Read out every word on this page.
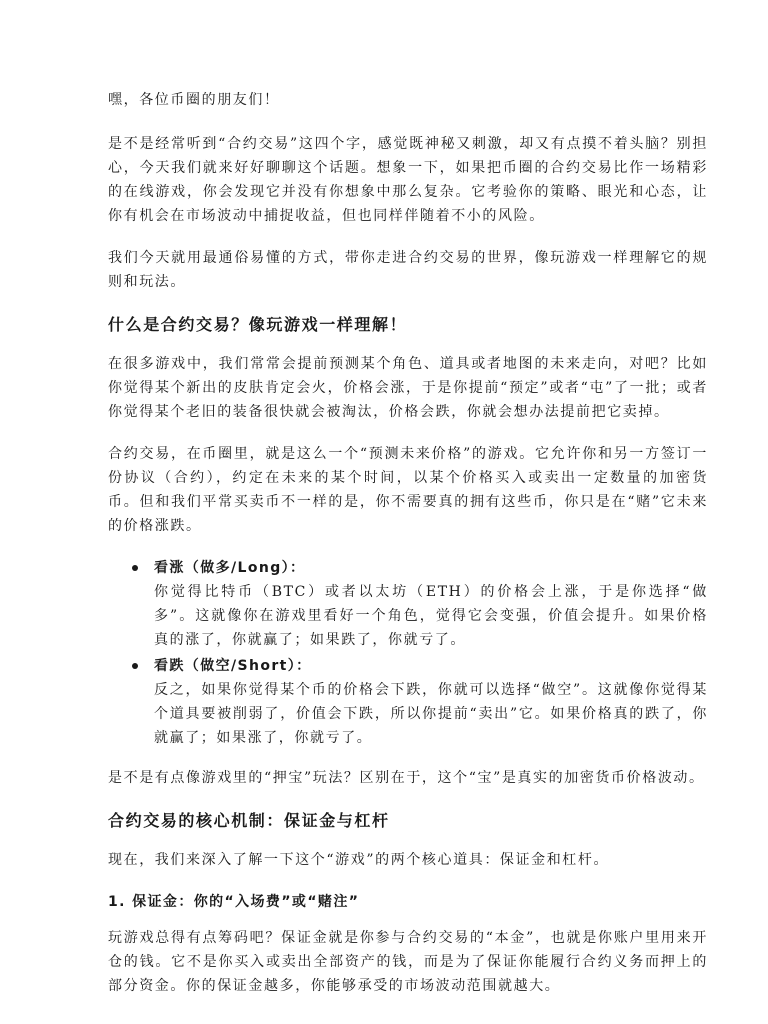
嘿，各位币圈的朋友们！

是不是经常听到“合约交易”这四个字，感觉既神秘又刺激，却又有点摸不着头脑？别担心，今天我们就来好好聊聊这个话题。想象一下，如果把币圈的合约交易比作一场精彩的在线游戏，你会发现它并没有你想象中那么复杂。它考验你的策略、眼光和心态，让你有机会在市场波动中捕捉收益，但也同样伴随着不小的风险。

我们今天就用最通俗易懂的方式，带你走进合约交易的世界，像玩游戏一样理解它的规则和玩法。

什么是合约交易？像玩游戏一样理解！

在很多游戏中，我们常常会提前预测某个角色、道具或者地图的未来走向，对吧？比如你觉得某个新出的皮肤肯定会火，价格会涨，于是你提前“预定”或者“屯”了一批；或者你觉得某个老旧的装备很快就会被淘汰，价格会跌，你就会想办法提前把它卖掉。

合约交易，在币圈里，就是这么一个“预测未来价格”的游戏。它允许你和另一方签订一份协议（合约），约定在未来的某个时间，以某个价格买入或卖出一定数量的加密货币。但和我们平常买卖币不一样的是，你不需要真的拥有这些币，你只是在“赌”它未来的价格涨跌。

看涨（做多/Long）：
你觉得比特币（BTC）或者以太坊（ETH）的价格会上涨，于是你选择“做多”。这就像你在游戏里看好一个角色，觉得它会变强，价值会提升。如果价格真的涨了，你就赢了；如果跌了，你就亏了。
看跌（做空/Short）：
反之，如果你觉得某个币的价格会下跌，你就可以选择“做空”。这就像你觉得某个道具要被削弱了，价值会下跌，所以你提前“卖出”它。如果价格真的跌了，你就赢了；如果涨了，你就亏了。

是不是有点像游戏里的“押宝”玩法？区别在于，这个“宝”是真实的加密货币价格波动。

合约交易的核心机制：保证金与杠杆

现在，我们来深入了解一下这个“游戏”的两个核心道具：保证金和杠杆。

1. 保证金：你的“入场费”或“赌注”

玩游戏总得有点筹码吧？保证金就是你参与合约交易的“本金”，也就是你账户里用来开仓的钱。它不是你买入或卖出全部资产的钱，而是为了保证你能履行合约义务而押上的部分资金。你的保证金越多，你能够承受的市场波动范围就越大。
